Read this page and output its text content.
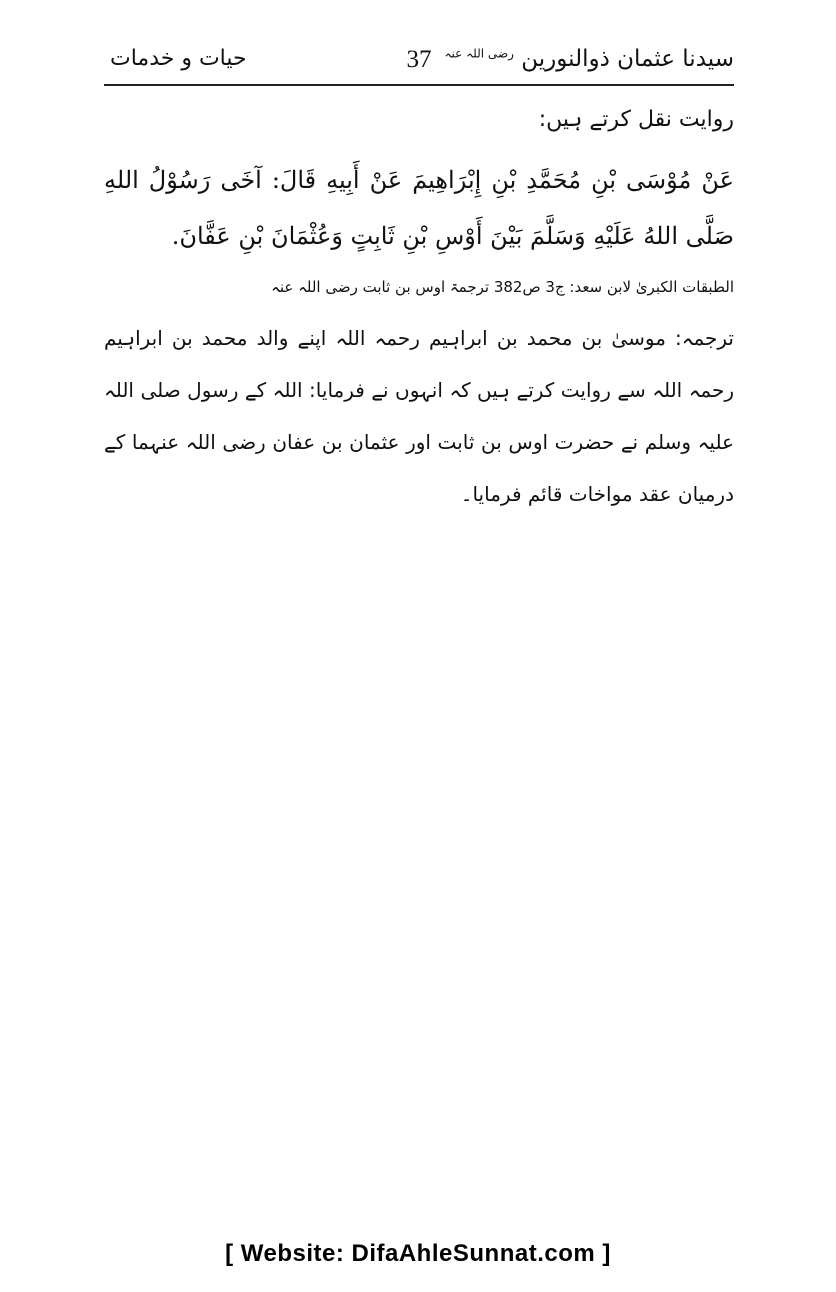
سیدنا عثمان ذوالنورین $^{رضی اللہ عنہ}$
37
حیات و خدمات

روایت نقل کرتے ہیں:

عَنْ مُوْسَى بْنِ مُحَمَّدِ بْنِ إِبْرَاهِيمَ عَنْ أَبِيهِ قَالَ: آخَى رَسُوْلُ اللهِ صَلَّى اللهُ عَلَيْهِ وَسَلَّمَ بَيْنَ أَوْسِ بْنِ ثَابِتٍ وَعُثْمَانَ بْنِ عَفَّانَ.

الطبقات الکبریٰ لابن سعد: ج3 ص382 ترجمۃ اوس بن ثابت رضی اللہ عنہ

ترجمہ: موسیٰ بن محمد بن ابراہیم رحمہ اللہ اپنے والد محمد بن ابراہیم رحمہ اللہ سے روایت کرتے ہیں کہ انہوں نے فرمایا: اللہ کے رسول صلی اللہ علیہ وسلم نے حضرت اوس بن ثابت اور عثمان بن عفان رضی اللہ عنہما کے درمیان عقد مواخات قائم فرمایا۔

[ Website: DifaAhleSunnat.com ]
